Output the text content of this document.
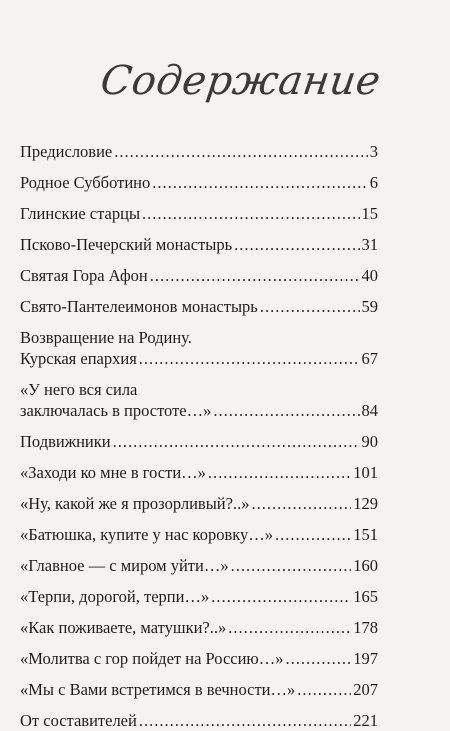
Содержание
Предисловие .....	3
Родное Субботино .....	6
Глинские старцы .....	15
Псково-Печерский монастырь .....	31
Святая Гора Афон .....	40
Свято-Пантелеимонов монастырь .....	59
Возвращение на Родину.
Курская епархия .....	67
«У него вся сила
заключалась в простоте…» .....	84
Подвижники .....	90
«Заходи ко мне в гости…» .....	101
«Ну, какой же я прозорливый?..» .....	129
«Батюшка, купите у нас коровку…» .....	151
«Главное — с миром уйти…» .....	160
«Терпи, дорогой, терпи…» .....	165
«Как поживаете, матушки?..» .....	178
«Молитва с гор пойдет на Россию…» .....	197
«Мы с Вами встретимся в вечности…» .....	207
От составителей .....	221
